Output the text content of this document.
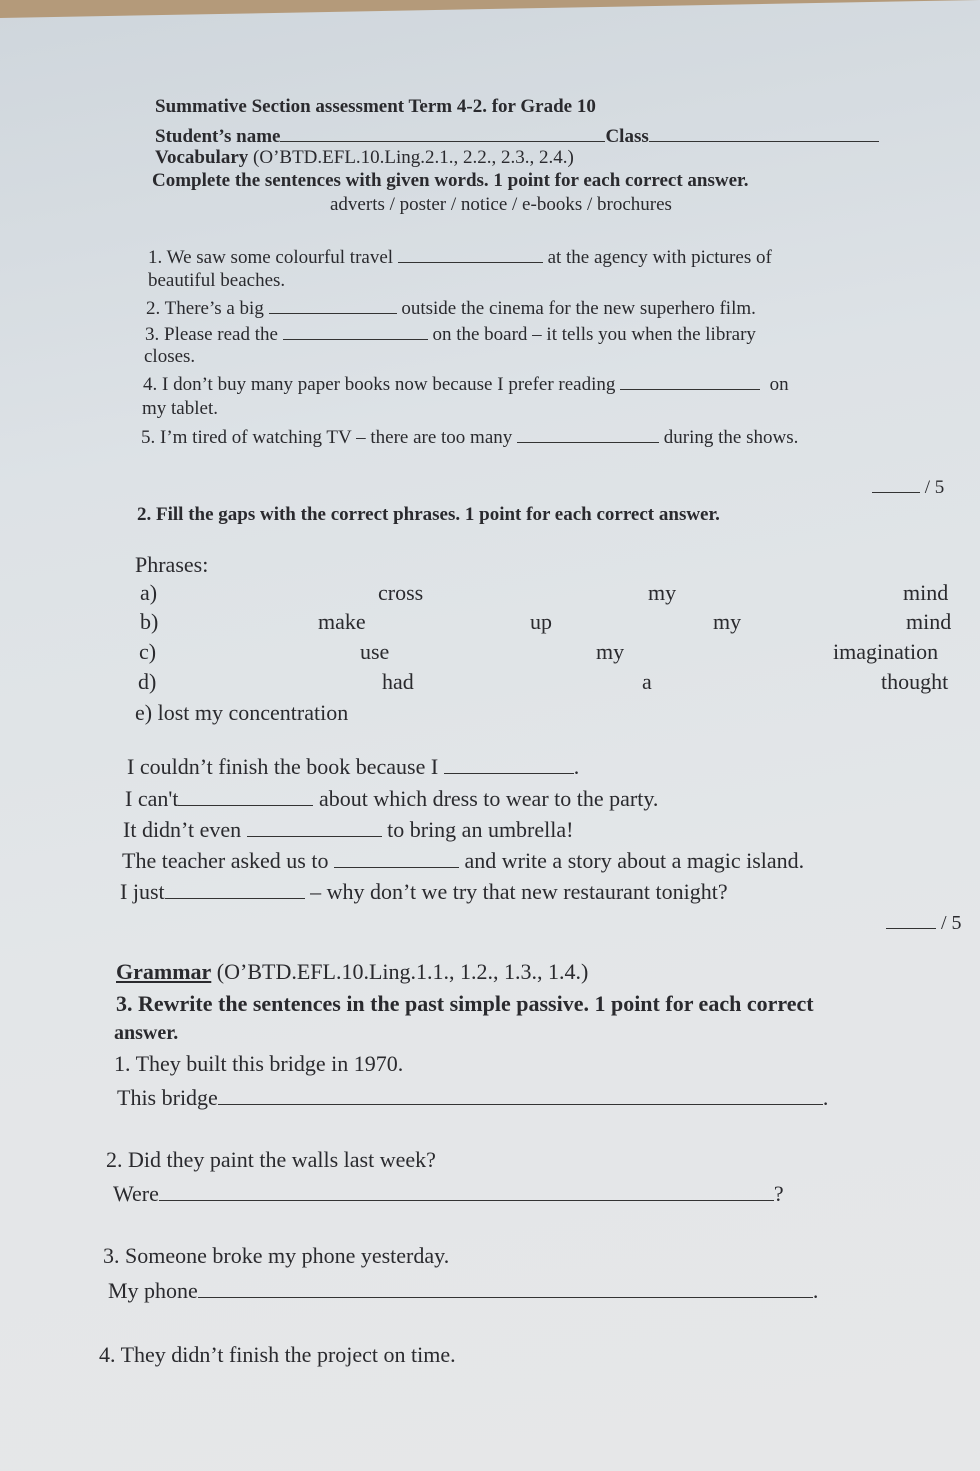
Summative Section assessment Term 4-2. for Grade 10
Student’s name	Class
Vocabulary (O’BTD.EFL.10.Ling.2.1., 2.2., 2.3., 2.4.)
Complete the sentences with given words. 1 point for each correct answer.
adverts / poster / notice / e-books / brochures
1. We saw some colourful travel	at the agency with pictures of
beautiful beaches.
2. There’s a big	outside the cinema for the new superhero film.
3. Please read the	on the board – it tells you when the library
closes.
4. I don’t buy many paper books now because I prefer reading	on
my tablet.
5. I’m tired of watching TV – there are too many	during the shows.
/ 5
2. Fill the gaps with the correct phrases. 1 point for each correct answer.
Phrases:
a)	cross	my	mind
b)	make	up	my	mind
c)	use	my	imagination
d)	had	a	thought
e) lost my concentration
I couldn’t finish the book because I	.
I can't	about which dress to wear to the party.
It didn’t even	to bring an umbrella!
The teacher asked us to	and write a story about a magic island.
I just	– why don’t we try that new restaurant tonight?
/ 5
Grammar (O’BTD.EFL.10.Ling.1.1., 1.2., 1.3., 1.4.)
3. Rewrite the sentences in the past simple passive. 1 point for each correct
answer.
1. They built this bridge in 1970.
This bridge	.
2. Did they paint the walls last week?
Were	?
3. Someone broke my phone yesterday.
My phone	.
4. They didn’t finish the project on time.
